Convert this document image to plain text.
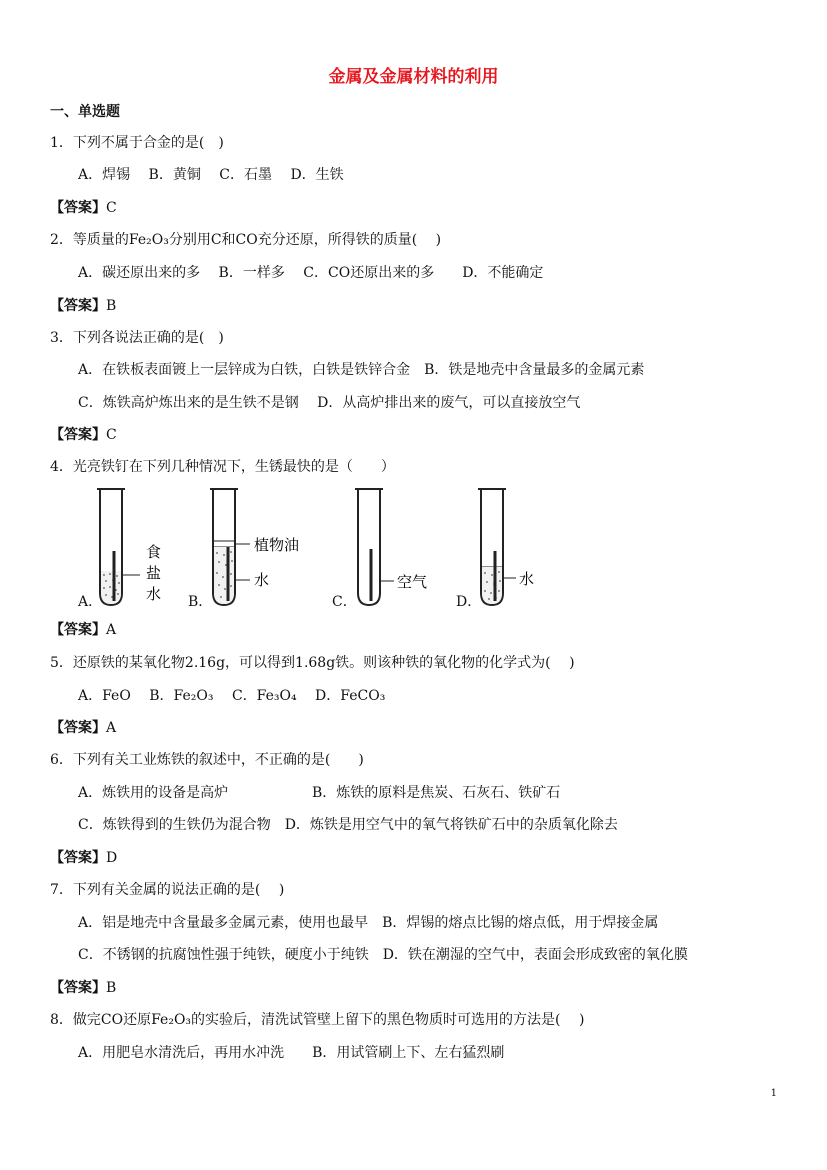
金属及金属材料的利用
一、单选题
1．下列不属于合金的是(　)
A．焊锡　 B．黄铜　 C．石墨　 D．生铁
【答案】C
2．等质量的Fe₂O₃分别用C和CO充分还原，所得铁的质量(　 )
A．碳还原出来的多　 B．一样多　 C．CO还原出来的多　　D．不能确定
【答案】B
3．下列各说法正确的是(　)
A．在铁板表面镀上一层锌成为白铁，白铁是铁锌合金　B．铁是地壳中含量最多的金属元素
C．炼铁高炉炼出来的是生铁不是钢　 D．从高炉排出来的废气，可以直接放空气
【答案】C
4．光亮铁钉在下列几种情况下，生锈最快的是（　　）
食
盐
水
植物油
水	空气	水
A．	B．	C．	D．
【答案】A
5．还原铁的某氧化物2.16g，可以得到1.68g铁。则该种铁的氧化物的化学式为(　 )
A．FeO　 B．Fe₂O₃　 C．Fe₃O₄　 D．FeCO₃
【答案】A
6．下列有关工业炼铁的叙述中，不正确的是(　　)
A．炼铁用的设备是高炉	B．炼铁的原料是焦炭、石灰石、铁矿石
C．炼铁得到的生铁仍为混合物　D．炼铁是用空气中的氧气将铁矿石中的杂质氧化除去
【答案】D
7．下列有关金属的说法正确的是(　 )
A．铝是地壳中含量最多金属元素，使用也最早　B．焊锡的熔点比锡的熔点低，用于焊接金属
C．不锈钢的抗腐蚀性强于纯铁，硬度小于纯铁　D．铁在潮湿的空气中，表面会形成致密的氧化膜
【答案】B
8．做完CO还原Fe₂O₃的实验后，清洗试管壁上留下的黑色物质时可选用的方法是(　 )
A．用肥皂水清洗后，再用水冲洗　　B．用试管刷上下、左右猛烈刷
1
